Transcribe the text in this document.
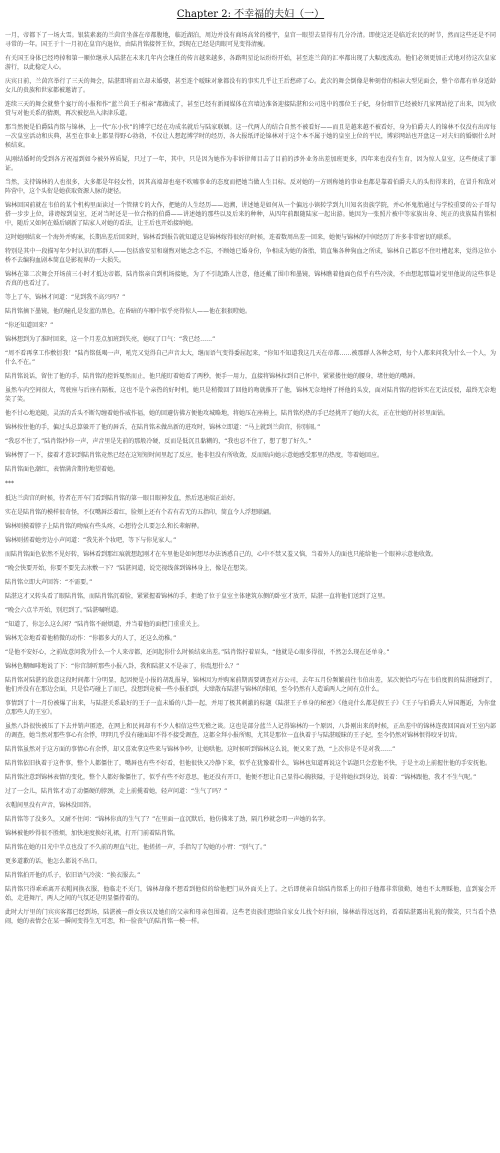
Chapter 2: 不幸福的夫妇（一）

一月，帝都下了一场大雪。银装素裹的兰茵宫坐落在帝都腹地，临近湖泊，周边并没有商场高耸的楼宇，皇宫一眼望去显得有几分冷清。即使这还是临近农民的时节，然而这些还是不同寻常的一年。国王于十一月初在皇宫内退位，由陆肖铭接替王位，到现在已经是肉眼可见变得清瘦。

有关国王身体已经垮掉和第一顺位继承人陆湛在未来几年内会继任的传言越来越多，各路明星论坛纷纷开始，甚至连兰茵的汇率都出现了大幅度波动。他们必须更加正式地对待这次皇家游行，以此稳定人心。

庆宾日前，兰茵宫举行了三天的舞会，陆湛即将而立却未婚娶，甚至连个暧昧对象都没有的事实几乎让王后愁碎了心。此次的舞会倒像是种刻骨的相亲大型见面会，整个帝都有单身适龄女儿的贵族和世家都被邀请了。

连续三天的舞会就整个宴厅的小报和作“蓝兰茵王子相亲”都做成了，甚至已经有新闻媒体在宫墙边准备迎接陆湛和公司选中的那位王子妃，身份细节已经被好几家网站挖了出来，因为欣赏与对他关系的猜测，再次被挖出入津津乐道。

那当然便是伯爵陆肖铭与锦林，上一代“东小伙”的博学已经在功成名就后与陆家联姻。这一代两人的结合自然不被看好——而且是越来越不被看好，身为伯爵夫人的锦林不仅没有出席每一次皇室活动和庆典，甚至在事业上都显得野心勃勃，不仅让人想起博学时的经历，各大报纸评论锦林对于这个本不属于她的皇室上位的平民，博彩网站也开盘这一对夫妇的婚姻什么时候结束。

从刚结婚时的受到各方祝福到如今被外界质疑，只过了一年，其中，只是因为她作为非诉律师目击了目前的涉外业务出差加班更多，四年来也没有生育，因为惊人皇室，这些便成了罪证。

当然，支持锦林的人也很多，大多都是年轻女性，因其高端却也毫不吹嘘事业的态度而把她当做人生目标。反对她的一方则称她的事业也都是靠着伯爵夫人的头衔得来的，在冒升和敌对阵营中，这个头衔是她获取资源人脉的捷径。

锦林回国前就在韦伯的某个机构里面读过一个管辖专的大作，把她的人生经历——追溯，讲述她是如何从一个偏远小镇转学到九川知名贵族学院，并心怀鬼胎通过与学校重要的公子哥勾搭一步步上位，诽谤嫁到皇室，还对当时还是一位合格的伯爵——讲述她的那些以及后来的种种，从四年前跟随陆家一起出游。她因为一张照片被中等家族出身、纯正的贵族陆肖铭相中，随后又如何在婚后刷新了陆家人对她的看法，让王后也开始接纳她。

这时她刚结束一个海外并购案，长期出差后回来时，锦林看到报告就知道这是锦林嫁得很好的时候，连着数周出差一回来，她便与锦林的中间经历了许多非常密切的联系。

特别是其中一段描写年少时认识的那群人——包括盛安星和谢煦对她念念不忘，不顾她已婚身份，争相成为她的备胎，简直集各种狗血之所成，锦林自己都忍不住吐槽起来，觉得这位小桥不去编狗血剧本简直是影视界的一大损失。

锦林在第二次舞会开场前三小时才抵达帝都，陆肖铭亲自到机场接她，为了不引起路人注意，他还戴了围巾和墨镜，锦林瞧着他面色似乎有些冷淡，不由想起那篇对觉里他说的这些事是否真的也看过了。

等上了车，锦林才问道：“见到我不高兴吗？”

陆肖铭摘下墨镜，他的瞳孔是发蓝的黑色，在昏暗的车厢中似乎亮得惊人——他在狠狠瞪她。

“你还知道回来？”

锦林想到为了准时回来，这一个月差点加班到失亮，她叹了口气：“我已经……”

“周不看再拿工作敷衍我！”陆肖铭低喝一声，吼完又觉得自己声音太大，继而语气变得委屈起来，“你知不知道我这几天在帝都……被那群人各种念叨，每个人都来问我为什么一个人，为什么不在。”

陆肖铭说话，留住了他的手，陆肖铭的控诉戛然而止，他只能盯着她看了两秒，便手一用力，直接将锦林拉到自己怀中，紧紧搂住她的腰身，堵住她的嘴唇。

虽然车内空间很大，驾驶座与后座有隔板，这也不是个亲热的好时机，她只是稍微回了回他的吻就推开了他，锦林无奈地捋了捋他的头发，面对陆肖铭的控诉实在无法反驳，最终无奈地笑了笑。

他不甘心地追随，灵活的舌头不断勾缠着她作威作福，她的回避仿佛方便他攻城略地，将她压在座椅上，陆肖铭灼热的手已经挑开了她的大衣，正在往她的衬衫里面钻。

锦林按住他的手，偏过头总算躲开了他的唇舌，在陆肖铭未做出新的进攻时，锦林立即道：“马上就到兰茵宫，你别闹。”

“我忍不住了，”陆肖铭抄你一声，声音里是先前的那般冷硬，反而是低沉且黏糊的，“我也忍不住了，想了想了好久。”

锦林愣了一下，接着才意识到陆肖铭竟然已经在这短短时间里起了反应，他非但没有所收敛，反而贴向她示意她感受那里的热度，等着她回应。

陆肖铭面色潮红，表情满含期待地望着她。

***

抵达兰茵宫的时候，待者在开车门看到陆肖铭的第一眼目眼神发直，然后迅速端正站好。

实在是陆肖铭的模样很奇怪，不仅嘴唇泛着红，脸颊上还有个若有若无的五指印，简直令人浮想联翩。

锦林则摸着脖子上陆肖铭的吻痕有些头疼，心想待会儿要怎么和长辈解释。

锦林则搓着她旁边小声问道：“我先补个妆吧，等下与你见家人。”

而陆肖铭面色依然不见好转，锦林看到那红痕就想起刚才在车里他是如何想尽办法诱惑自己的，心中不禁又羞又恼，当着外人的面也只能给他一个眼神示意他收敛。

“晚会快要开始，你要不要先去冰敷一下？”陆湛问道，说完视线落到锦林身上，像是在想笑。

陆肖铭立即大声回答：“不需要。”

陆湛这才又转头看了眼陆肖铭，而陆肖铭沉着脸，紧紧握着锦林的手，拒绝了位于皇室主体建筑东侧的卧室才放开，陆湛一直将他们送到了这里。

“晚会六点半开始，别迟到了。”陆湛嘱咐道。

“知道了，你怎么这么闲？”陆肖铭不耐烦道，并当着他的面把门重重关上。

锦林无奈地看着他稍微的动作：“你都多大的人了，还这么幼稚。”

“是他不安好心，之前故意问我为什么一个人来帝都，还问起你什么时候结束出差。”陆肖铭拧着眉头，“他就是心眼多得很，不然怎么现在还单身。”

锦林色糊咖啡地说了下：“你宫制听那些小报八卦，我和陆湛又不是亲了，你乱想什么？”

陆肖铭对陆湛的敌意这段时间都十分明显，起因便是小报的胡乱报导，锦林因为并购案前期需要调查对方公司，去年五月份频繁前往韦伯出差，某次便恰巧与在韦伯度假的陆湛碰到了，他们并没有在那边会面，只是恰巧碰上了而已，没想到竟被一些小报拍到，大肆散布陆湛与锦林的绯闻，至今仍然有人造谣两人之间有点什么。

事情到了十一月份被爆了出来，与陆湛关系最好的王子一直未婚的八卦一起，并用了极其刺激的标题《陆湛王子单身的秘密》《他竟什么都是假王子》《王子与伯爵夫人异国邂逅，为你盘点那些人的王室》。

虽然八卦很快被压了下去并销声匿迹，在网上和民间却有不少人相信这些无稽之谈。这也是部分蓝兰人记得锦林的一个原因，八卦刚出来的时候，正出差中的锦林连夜回国面对王室内部的调查，她当然对那些事心有余悸，明明几乎没有碰面却不得不接受调查，这都全拜小报所赐，尤其是那位一直执着于与陆湛暧昧的王子妃，至今仍然对锦林恨得咬牙切齿。

陆肖铭虽然对于这方面的事情心有余悸，却又喜欢拿这些来与锦林争吵，让她哄他。这时候听到锦林这么说，便又来了劲，“上次你是不是对我……”

陆肖铭依旧执着于这件事，整个人都僵住了，嘴唇也有些不好看，但他很快又冷静下来，似乎在犹豫着什么，锦林也知道再说这个话题只会惹他不快，于是主动上前握住他的手安抚他。

陆肖铭注意到锦林表情的变化，整个人都好像僵住了，似乎有些不好意思，他还没有开口，他便不想让自己显得心胸狭隘，于是将她拉到身边，说着：“锦林跟他，我才不生气呢。”

过了一会儿，陆肖铭才动了动僵硬的脖颈，走上前揽着她，轻声问道：“生气了吗？”

衣帽间里没有声音，锦林没回答。

陆肖铭等了没多久，又耐不住问：“锦林你真的生气了？”在里面一直沉默后，他仿佛来了劲，隔几秒就念叨一声她的名字。

锦林被他吵得很不胜烦，加快速度换好礼裙，打开门前着陆肖铭。

陆肖铭在她的目光中半点也没了不久前的理直气壮，他搓搓一声，手指勾了勾她的小臂：“别气了。”

更多道歉的话，他怎么都说不出口。

陆肖铭拍开他的爪子，依旧语气冷淡：“换衣服去。”

陆肖铭只得乖乖离开衣帽间换衣服，他临走不关门，锦林却像不想看到他似的给他把门从外面关上了。之后即便亲自给陆肖铭系上的扣子他都非常殷勤，她也不太理睬他，直到宴会开始，走进舞厅，两人之间的气氛还是明显僵持着的。

此时大厅里的门宾宾客都已经到场，陆湛被一群女孩以及她们的父亲和母亲包围着。这些老贵族们想给自家女儿找个好归宿，锦林站得远远的，看着陆湛露出礼貌的微笑，只当看个热闹，她的表情会在某一瞬间变得生无可恋，和一脸丧气的陆肖铭一模一样。
